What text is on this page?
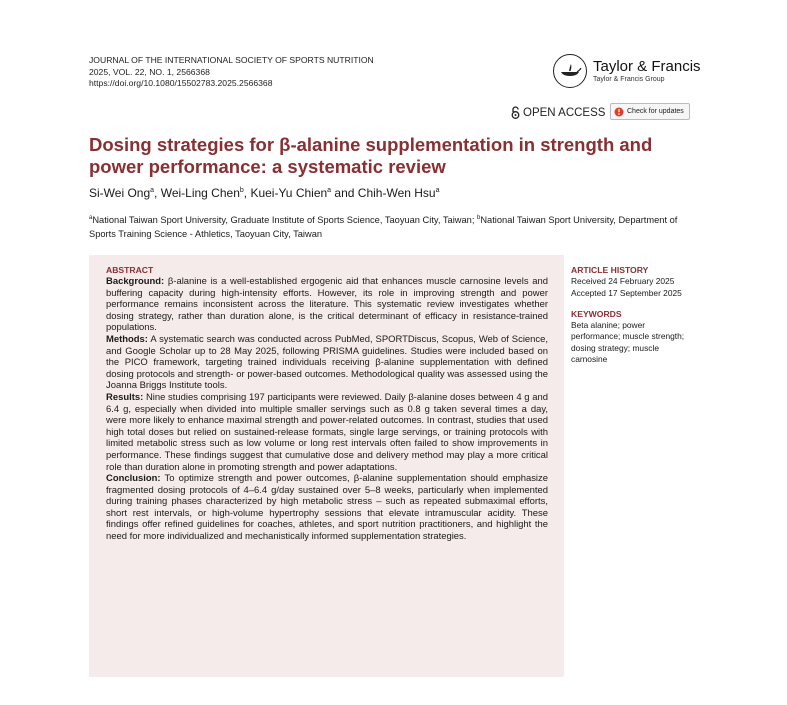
JOURNAL OF THE INTERNATIONAL SOCIETY OF SPORTS NUTRITION
2025, VOL. 22, NO. 1, 2566368
https://doi.org/10.1080/15502783.2025.2566368
Taylor & Francis
Taylor & Francis Group
OPEN ACCESS	Check for updates
Dosing strategies for β-alanine supplementation in strength and power performance: a systematic review
Si-Wei Ong$^a$, Wei-Ling Chen$^b$, Kuei-Yu Chien$^a$ and Chih-Wen Hsu$^a$
$^a$National Taiwan Sport University, Graduate Institute of Sports Science, Taoyuan City, Taiwan; $^b$National Taiwan Sport University, Department of Sports Training Science - Athletics, Taoyuan City, Taiwan
ABSTRACT

Background: β-alanine is a well-established ergogenic aid that enhances muscle carnosine levels and buffering capacity during high-intensity efforts. However, its role in improving strength and power performance remains inconsistent across the literature. This systematic review investigates whether dosing strategy, rather than duration alone, is the critical determinant of efficacy in resistance-trained populations.

Methods: A systematic search was conducted across PubMed, SPORTDiscus, Scopus, Web of Science, and Google Scholar up to 28 May 2025, following PRISMA guidelines. Studies were included based on the PICO framework, targeting trained individuals receiving β-alanine supplementation with defined dosing protocols and strength- or power-based outcomes. Methodological quality was assessed using the Joanna Briggs Institute tools.

Results: Nine studies comprising 197 participants were reviewed. Daily β-alanine doses between 4 g and 6.4 g, especially when divided into multiple smaller servings such as 0.8 g taken several times a day, were more likely to enhance maximal strength and power-related outcomes. In contrast, studies that used high total doses but relied on sustained-release formats, single large servings, or training protocols with limited metabolic stress such as low volume or long rest intervals often failed to show improvements in performance. These findings suggest that cumulative dose and delivery method may play a more critical role than duration alone in promoting strength and power adaptations.

Conclusion: To optimize strength and power outcomes, β-alanine supplementation should emphasize fragmented dosing protocols of 4–6.4 g/day sustained over 5–8 weeks, particularly when implemented during training phases characterized by high metabolic stress – such as repeated submaximal efforts, short rest intervals, or high-volume hypertrophy sessions that elevate intramuscular acidity. These findings offer refined guidelines for coaches, athletes, and sport nutrition practitioners, and highlight the need for more individualized and mechanistically informed supplementation strategies.

ARTICLE HISTORY
Received 24 February 2025
Accepted 17 September 2025
KEYWORDS
Beta alanine; power performance; muscle strength; dosing strategy; muscle carnosine
